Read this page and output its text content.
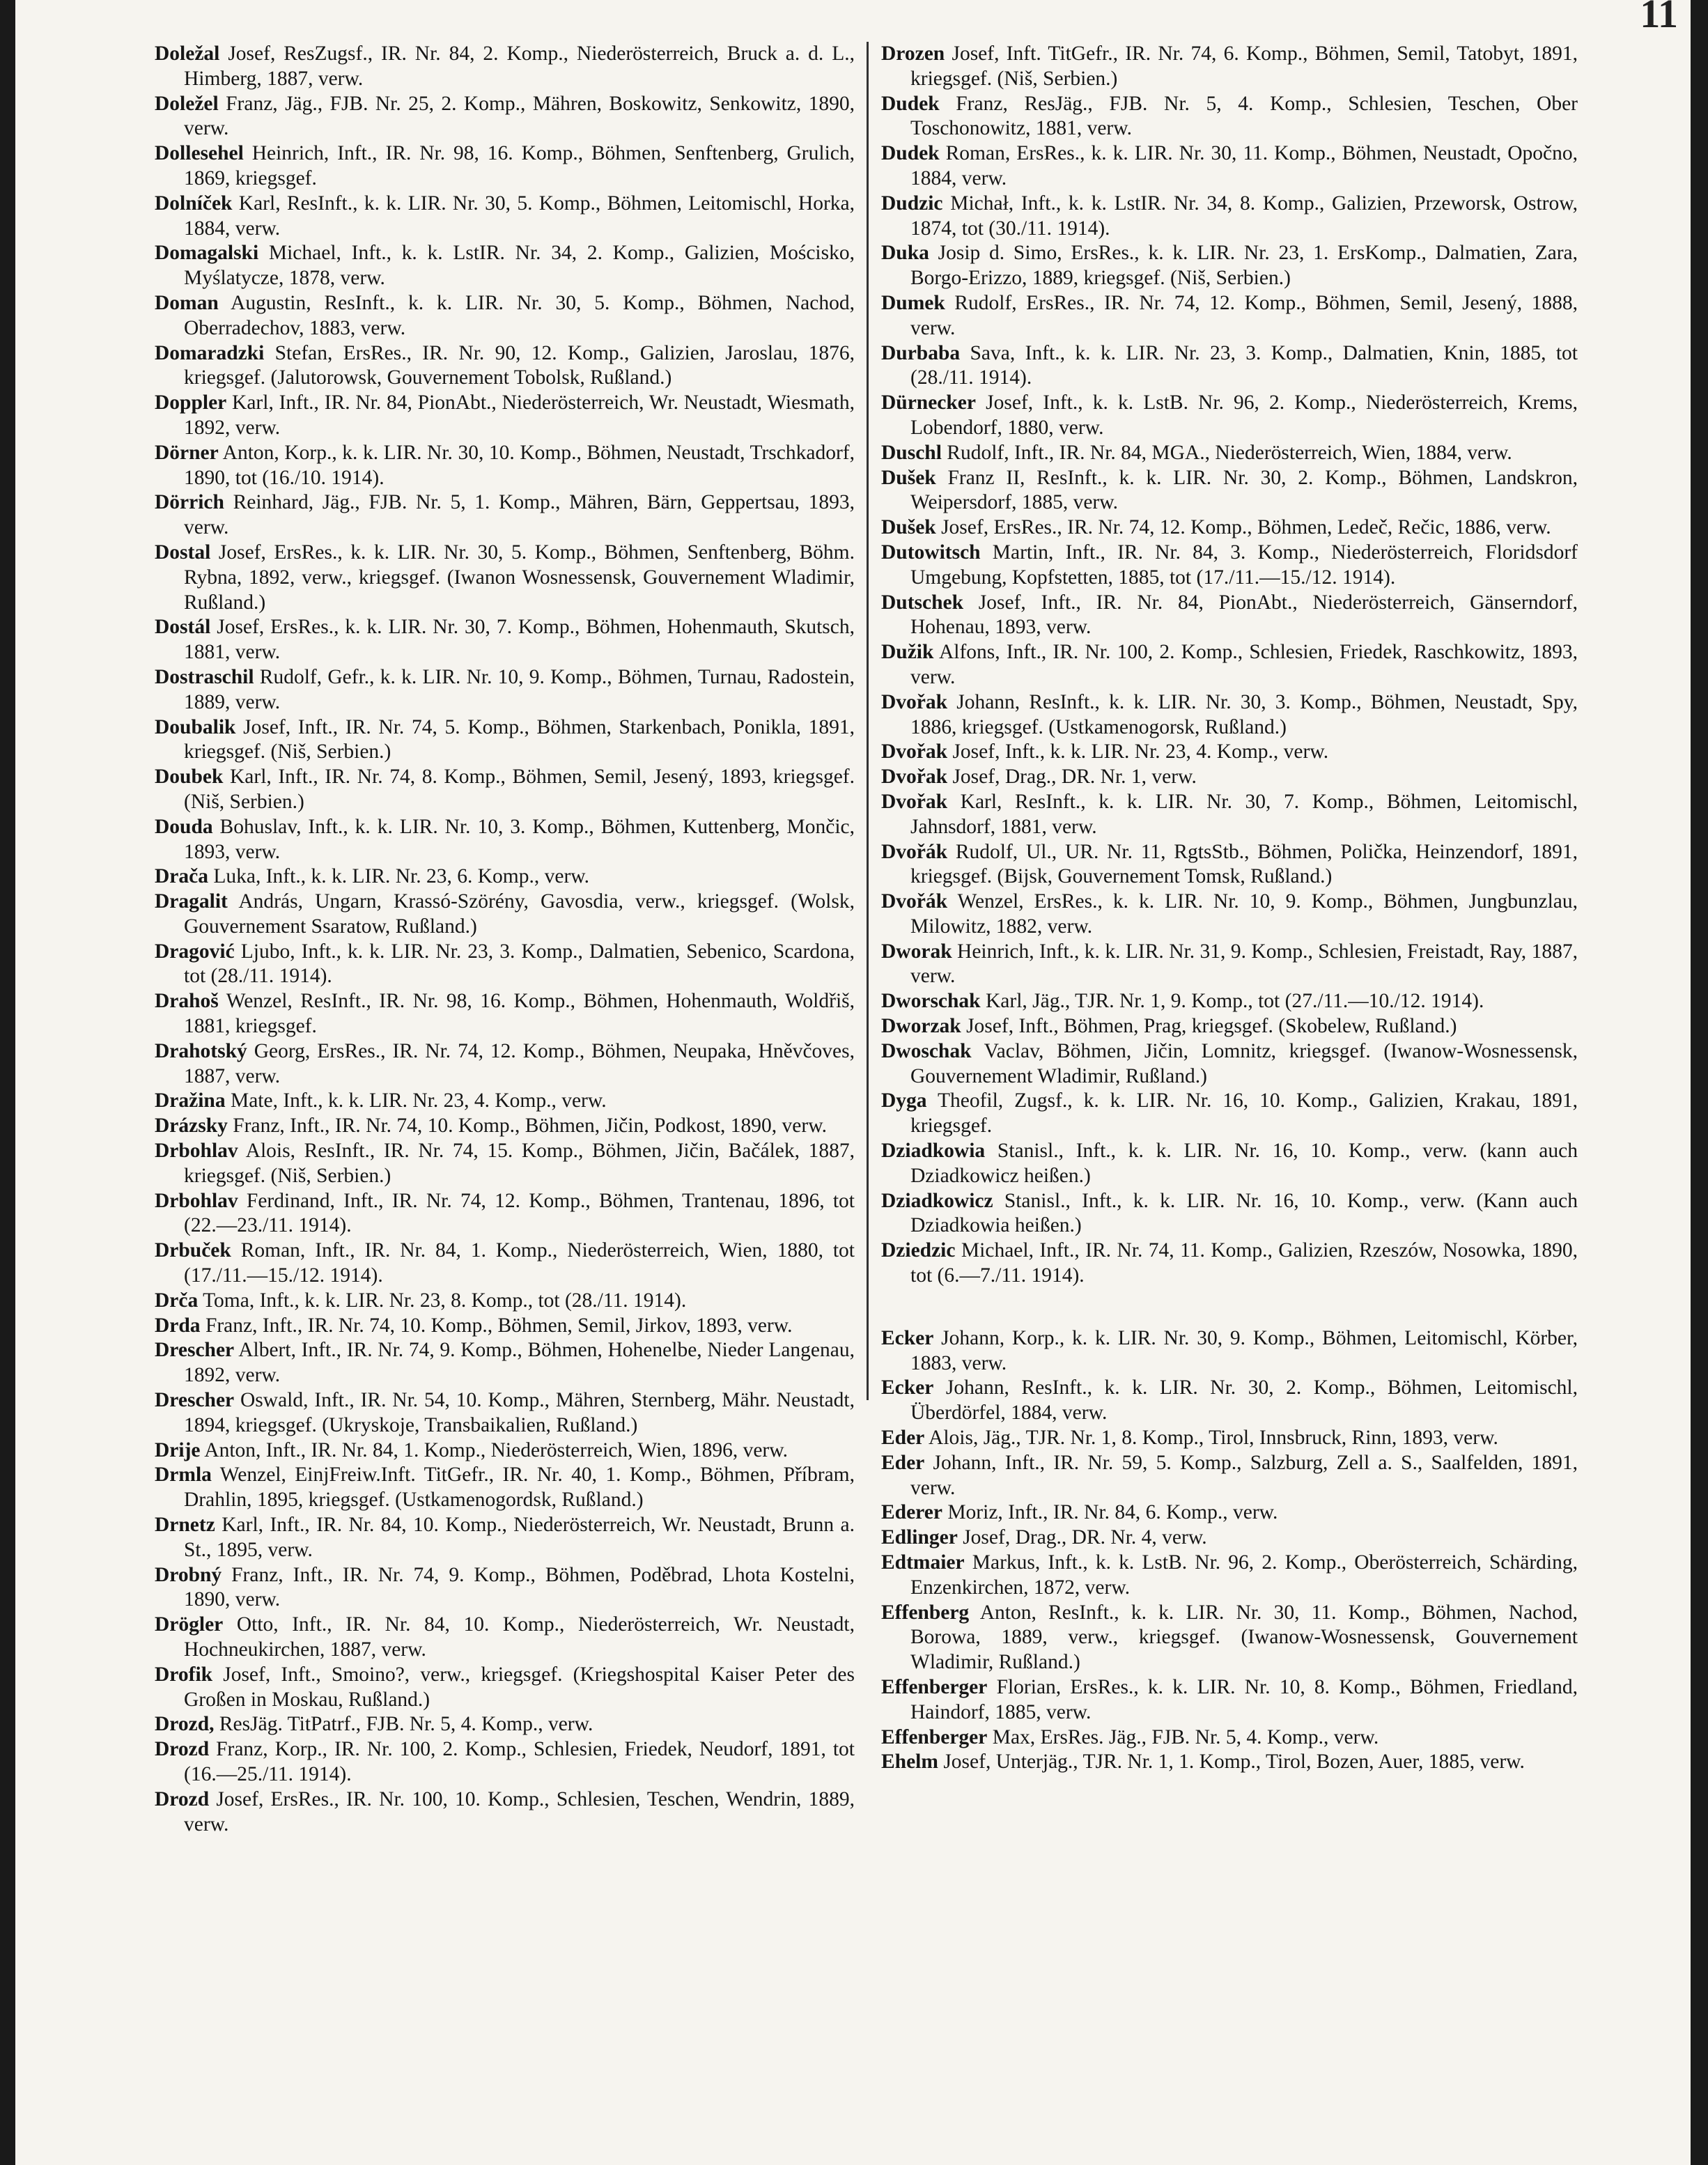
11

Doležal Josef, ResZugsf., IR. Nr. 84, 2. Komp., Niederösterreich, Bruck a. d. L., Himberg, 1887, verw.

Doležel Franz, Jäg., FJB. Nr. 25, 2. Komp., Mähren, Boskowitz, Senkowitz, 1890, verw.

Dollesehel Heinrich, Inft., IR. Nr. 98, 16. Komp., Böhmen, Senftenberg, Grulich, 1869, kriegsgef.

Dolníček Karl, ResInft., k. k. LIR. Nr. 30, 5. Komp., Böhmen, Leitomischl, Horka, 1884, verw.

Domagalski Michael, Inft., k. k. LstIR. Nr. 34, 2. Komp., Galizien, Mościsko, Myślatycze, 1878, verw.

Doman Augustin, ResInft., k. k. LIR. Nr. 30, 5. Komp., Böhmen, Nachod, Oberradechov, 1883, verw.

Domaradzki Stefan, ErsRes., IR. Nr. 90, 12. Komp., Galizien, Jaroslau, 1876, kriegsgef. (Jalutorowsk, Gouvernement Tobolsk, Rußland.)

Doppler Karl, Inft., IR. Nr. 84, PionAbt., Niederösterreich, Wr. Neustadt, Wiesmath, 1892, verw.

Dörner Anton, Korp., k. k. LIR. Nr. 30, 10. Komp., Böhmen, Neustadt, Trschkadorf, 1890, tot (16./10. 1914).

Dörrich Reinhard, Jäg., FJB. Nr. 5, 1. Komp., Mähren, Bärn, Geppertsau, 1893, verw.

Dostal Josef, ErsRes., k. k. LIR. Nr. 30, 5. Komp., Böhmen, Senftenberg, Böhm. Rybna, 1892, verw., kriegsgef. (Iwanon Wosnessensk, Gouvernement Wladimir, Rußland.)

Dostál Josef, ErsRes., k. k. LIR. Nr. 30, 7. Komp., Böhmen, Hohenmauth, Skutsch, 1881, verw.

Dostraschil Rudolf, Gefr., k. k. LIR. Nr. 10, 9. Komp., Böhmen, Turnau, Radostein, 1889, verw.

Doubalik Josef, Inft., IR. Nr. 74, 5. Komp., Böhmen, Starkenbach, Ponikla, 1891, kriegsgef. (Niš, Serbien.)

Doubek Karl, Inft., IR. Nr. 74, 8. Komp., Böhmen, Semil, Jesený, 1893, kriegsgef. (Niš, Serbien.)

Douda Bohuslav, Inft., k. k. LIR. Nr. 10, 3. Komp., Böhmen, Kuttenberg, Mončic, 1893, verw.

Drača Luka, Inft., k. k. LIR. Nr. 23, 6. Komp., verw.

Dragalit András, Ungarn, Krassó-Szörény, Gavosdia, verw., kriegsgef. (Wolsk, Gouvernement Ssaratow, Rußland.)

Dragović Ljubo, Inft., k. k. LIR. Nr. 23, 3. Komp., Dalmatien, Sebenico, Scardona, tot (28./11. 1914).

Drahoš Wenzel, ResInft., IR. Nr. 98, 16. Komp., Böhmen, Hohenmauth, Woldřiš, 1881, kriegsgef.

Drahotský Georg, ErsRes., IR. Nr. 74, 12. Komp., Böhmen, Neupaka, Hněvčoves, 1887, verw.

Dražina Mate, Inft., k. k. LIR. Nr. 23, 4. Komp., verw.

Drázsky Franz, Inft., IR. Nr. 74, 10. Komp., Böhmen, Jičin, Podkost, 1890, verw.

Drbohlav Alois, ResInft., IR. Nr. 74, 15. Komp., Böhmen, Jičin, Bačálek, 1887, kriegsgef. (Niš, Serbien.)

Drbohlav Ferdinand, Inft., IR. Nr. 74, 12. Komp., Böhmen, Trantenau, 1896, tot (22.—23./11. 1914).

Drbuček Roman, Inft., IR. Nr. 84, 1. Komp., Niederösterreich, Wien, 1880, tot (17./11.—15./12. 1914).

Drča Toma, Inft., k. k. LIR. Nr. 23, 8. Komp., tot (28./11. 1914).

Drda Franz, Inft., IR. Nr. 74, 10. Komp., Böhmen, Semil, Jirkov, 1893, verw.

Drescher Albert, Inft., IR. Nr. 74, 9. Komp., Böhmen, Hohenelbe, Nieder Langenau, 1892, verw.

Drescher Oswald, Inft., IR. Nr. 54, 10. Komp., Mähren, Sternberg, Mähr. Neustadt, 1894, kriegsgef. (Ukryskoje, Transbaikalien, Rußland.)

Drije Anton, Inft., IR. Nr. 84, 1. Komp., Niederösterreich, Wien, 1896, verw.

Drmla Wenzel, EinjFreiw.Inft. TitGefr., IR. Nr. 40, 1. Komp., Böhmen, Příbram, Drahlin, 1895, kriegsgef. (Ustkamenogordsk, Rußland.)

Drnetz Karl, Inft., IR. Nr. 84, 10. Komp., Niederösterreich, Wr. Neustadt, Brunn a. St., 1895, verw.

Drobný Franz, Inft., IR. Nr. 74, 9. Komp., Böhmen, Poděbrad, Lhota Kostelni, 1890, verw.

Drögler Otto, Inft., IR. Nr. 84, 10. Komp., Niederösterreich, Wr. Neustadt, Hochneukirchen, 1887, verw.

Drofik Josef, Inft., Smoino?, verw., kriegsgef. (Kriegshospital Kaiser Peter des Großen in Moskau, Rußland.)

Drozd, ResJäg. TitPatrf., FJB. Nr. 5, 4. Komp., verw.

Drozd Franz, Korp., IR. Nr. 100, 2. Komp., Schlesien, Friedek, Neudorf, 1891, tot (16.—25./11. 1914).

Drozd Josef, ErsRes., IR. Nr. 100, 10. Komp., Schlesien, Teschen, Wendrin, 1889, verw.

Drozen Josef, Inft. TitGefr., IR. Nr. 74, 6. Komp., Böhmen, Semil, Tatobyt, 1891, kriegsgef. (Niš, Serbien.)

Dudek Franz, ResJäg., FJB. Nr. 5, 4. Komp., Schlesien, Teschen, Ober Toschonowitz, 1881, verw.

Dudek Roman, ErsRes., k. k. LIR. Nr. 30, 11. Komp., Böhmen, Neustadt, Opočno, 1884, verw.

Dudzic Michał, Inft., k. k. LstIR. Nr. 34, 8. Komp., Galizien, Przeworsk, Ostrow, 1874, tot (30./11. 1914).

Duka Josip d. Simo, ErsRes., k. k. LIR. Nr. 23, 1. ErsKomp., Dalmatien, Zara, Borgo-Erizzo, 1889, kriegsgef. (Niš, Serbien.)

Dumek Rudolf, ErsRes., IR. Nr. 74, 12. Komp., Böhmen, Semil, Jesený, 1888, verw.

Durbaba Sava, Inft., k. k. LIR. Nr. 23, 3. Komp., Dalmatien, Knin, 1885, tot (28./11. 1914).

Dürnecker Josef, Inft., k. k. LstB. Nr. 96, 2. Komp., Niederösterreich, Krems, Lobendorf, 1880, verw.

Duschl Rudolf, Inft., IR. Nr. 84, MGA., Niederösterreich, Wien, 1884, verw.

Dušek Franz II, ResInft., k. k. LIR. Nr. 30, 2. Komp., Böhmen, Landskron, Weipersdorf, 1885, verw.

Dušek Josef, ErsRes., IR. Nr. 74, 12. Komp., Böhmen, Ledeč, Rečic, 1886, verw.

Dutowitsch Martin, Inft., IR. Nr. 84, 3. Komp., Niederösterreich, Floridsdorf Umgebung, Kopfstetten, 1885, tot (17./11.—15./12. 1914).

Dutschek Josef, Inft., IR. Nr. 84, PionAbt., Niederösterreich, Gänserndorf, Hohenau, 1893, verw.

Dužik Alfons, Inft., IR. Nr. 100, 2. Komp., Schlesien, Friedek, Raschkowitz, 1893, verw.

Dvořak Johann, ResInft., k. k. LIR. Nr. 30, 3. Komp., Böhmen, Neustadt, Spy, 1886, kriegsgef. (Ustkamenogorsk, Rußland.)

Dvořak Josef, Inft., k. k. LIR. Nr. 23, 4. Komp., verw.

Dvořak Josef, Drag., DR. Nr. 1, verw.

Dvořak Karl, ResInft., k. k. LIR. Nr. 30, 7. Komp., Böhmen, Leitomischl, Jahnsdorf, 1881, verw.

Dvořák Rudolf, Ul., UR. Nr. 11, RgtsStb., Böhmen, Polička, Heinzendorf, 1891, kriegsgef. (Bijsk, Gouvernement Tomsk, Rußland.)

Dvořák Wenzel, ErsRes., k. k. LIR. Nr. 10, 9. Komp., Böhmen, Jungbunzlau, Milowitz, 1882, verw.

Dworak Heinrich, Inft., k. k. LIR. Nr. 31, 9. Komp., Schlesien, Freistadt, Ray, 1887, verw.

Dworschak Karl, Jäg., TJR. Nr. 1, 9. Komp., tot (27./11.—10./12. 1914).

Dworzak Josef, Inft., Böhmen, Prag, kriegsgef. (Skobelew, Rußland.)

Dwoschak Vaclav, Böhmen, Jičin, Lomnitz, kriegsgef. (Iwanow-Wosnessensk, Gouvernement Wladimir, Rußland.)

Dyga Theofil, Zugsf., k. k. LIR. Nr. 16, 10. Komp., Galizien, Krakau, 1891, kriegsgef.

Dziadkowia Stanisl., Inft., k. k. LIR. Nr. 16, 10. Komp., verw. (kann auch Dziadkowicz heißen.)

Dziadkowicz Stanisl., Inft., k. k. LIR. Nr. 16, 10. Komp., verw. (Kann auch Dziadkowia heißen.)

Dziedzic Michael, Inft., IR. Nr. 74, 11. Komp., Galizien, Rzeszów, Nosowka, 1890, tot (6.—7./11. 1914).

Ecker Johann, Korp., k. k. LIR. Nr. 30, 9. Komp., Böhmen, Leitomischl, Körber, 1883, verw.

Ecker Johann, ResInft., k. k. LIR. Nr. 30, 2. Komp., Böhmen, Leitomischl, Überdörfel, 1884, verw.

Eder Alois, Jäg., TJR. Nr. 1, 8. Komp., Tirol, Innsbruck, Rinn, 1893, verw.

Eder Johann, Inft., IR. Nr. 59, 5. Komp., Salzburg, Zell a. S., Saalfelden, 1891, verw.

Ederer Moriz, Inft., IR. Nr. 84, 6. Komp., verw.

Edlinger Josef, Drag., DR. Nr. 4, verw.

Edtmaier Markus, Inft., k. k. LstB. Nr. 96, 2. Komp., Oberösterreich, Schärding, Enzenkirchen, 1872, verw.

Effenberg Anton, ResInft., k. k. LIR. Nr. 30, 11. Komp., Böhmen, Nachod, Borowa, 1889, verw., kriegsgef. (Iwanow-Wosnessensk, Gouvernement Wladimir, Rußland.)

Effenberger Florian, ErsRes., k. k. LIR. Nr. 10, 8. Komp., Böhmen, Friedland, Haindorf, 1885, verw.

Effenberger Max, ErsRes. Jäg., FJB. Nr. 5, 4. Komp., verw.

Ehelm Josef, Unterjäg., TJR. Nr. 1, 1. Komp., Tirol, Bozen, Auer, 1885, verw.
